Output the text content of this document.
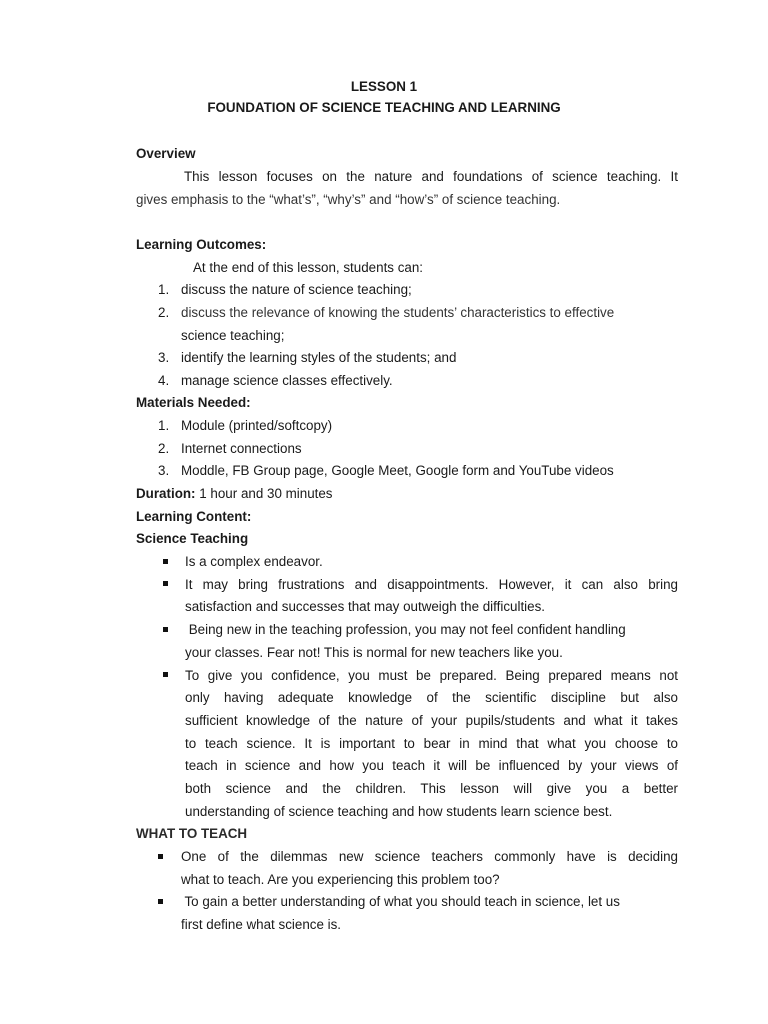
LESSON 1
FOUNDATION OF SCIENCE TEACHING AND LEARNING
Overview
This lesson focuses on the nature and foundations of science teaching. It
gives emphasis to the “what’s”, “why’s” and “how’s” of science teaching.
Learning Outcomes:
At the end of this lesson, students can:
1. discuss the nature of science teaching;
2. discuss the relevance of knowing the students’ characteristics to effective
science teaching;
3. identify the learning styles of the students; and
4. manage science classes effectively.
Materials Needed:
1. Module (printed/softcopy)
2. Internet connections
3. Moddle, FB Group page, Google Meet, Google form and YouTube videos
Duration: 1 hour and 30 minutes
Learning Content:
Science Teaching
Is a complex endeavor.
It may bring frustrations and disappointments. However, it can also bring
satisfaction and successes that may outweigh the difficulties.
Being new in the teaching profession, you may not feel confident handling
your classes. Fear not! This is normal for new teachers like you.
To give you confidence, you must be prepared. Being prepared means not
only having adequate knowledge of the scientific discipline but also
sufficient knowledge of the nature of your pupils/students and what it takes
to teach science. It is important to bear in mind that what you choose to
teach in science and how you teach it will be influenced by your views of
both science and the children. This lesson will give you a better
understanding of science teaching and how students learn science best.
WHAT TO TEACH
One of the dilemmas new science teachers commonly have is deciding
what to teach. Are you experiencing this problem too?
To gain a better understanding of what you should teach in science, let us
first define what science is.
